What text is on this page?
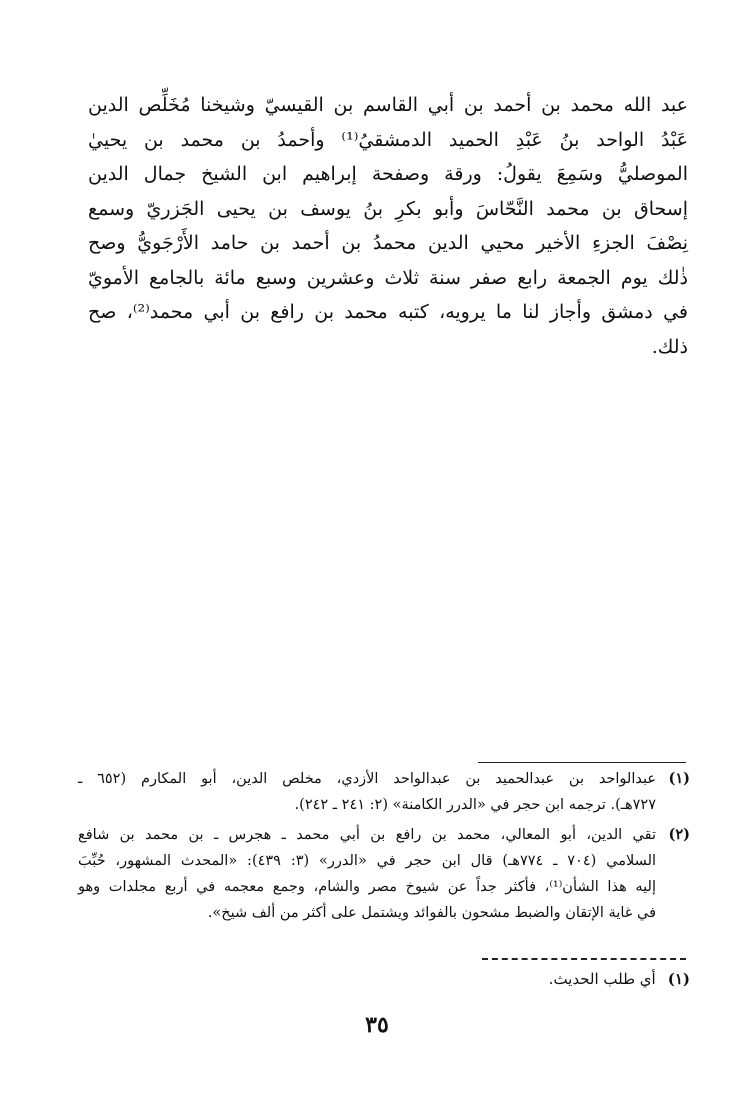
عبد الله محمد بن أحمد بن أبي القاسم بن القيسيّ وشيخنا مُخَلِّص الدين
عَبْدُ الواحد بنُ عَبْدِ الحميد الدمشقيُ⁽¹⁾ وأحمدُ بن محمد بن يحييٰ
الموصليُّ وسَمِعَ يقولُ: ورقة وصفحة إبراهيم ابن الشيخ جمال الدين
إسحاق بن محمد النَّحّاسَ وأبو بكرِ بنُ يوسف بن يحيى الجَزريّ وسمع
نِصْفَ الجزءِ الأخير محيي الدين محمدُ بن أحمد بن حامد الأَرْجَويُّ وصح
ذٰلك يوم الجمعة رابع صفر سنة ثلاث وعشرين وسبع مائة بالجامع الأمويّ
في دمشق وأجاز لنا ما يرويه، كتبه محمد بن رافع بن أبي محمد⁽²⁾، صح
ذلك.
(١)
عبدالواحد بن عبدالحميد بن عبدالواحد الأزدي، مخلص الدين، أبو المكارم (٦٥٢ ـ
٧٢٧هـ). ترجمه ابن حجر في «الدرر الكامنة» (٢: ٢٤١ ـ ٢٤٢).
(٢)
تقي الدين، أبو المعالي، محمد بن رافع بن أبي محمد ـ هجرس ـ بن محمد بن شافع
السلامي (٧٠٤ ـ ٧٧٤هـ) قال ابن حجر في «الدرر» (٣: ٤٣٩): «المحدث المشهور، حُبِّبَ
إليه هذا الشأن⁽¹⁾، فأكثر جداً عن شيوخ مصر والشام، وجمع معجمه في أربع مجلدات وهو
في غاية الإتقان والضبط مشحون بالفوائد ويشتمل على أكثر من ألف شيخ».
(١)أي طلب الحديث.
٣٥
